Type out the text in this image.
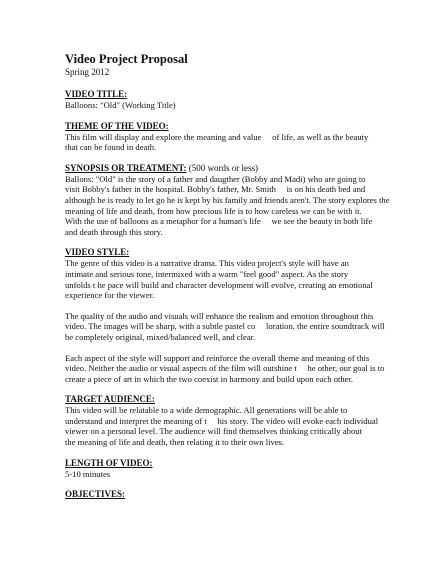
Video Project Proposal
Spring 2012
VIDEO TITLE:
Balloons: "Old" (Working Title)
THEME OF THE VIDEO:
This film will display and explore the meaning and value     of life, as well as the beauty
that can be found in death.
SYNOPSIS OR TREATMENT: (500 words or less)
Ballons: "Old" is the story of a father and daugther (Bobby and Madi) who are going to
visit Bobby's father in the hospital. Bobby's father, Mr. Smith     is on his death bed and
although he is ready to let go he is kept by his family and friends aren't. The story explores the
meaning of life and death, from how precious life is to how careless we can be with it.
With the use of balloons as a metaphor for a human's life     we see the beauty in both life
and death through this story.
VIDEO STYLE:
The genre of this video is a narrative drama. This video project's style will have an
intimate and serious tone, intermixed with a warm "feel good" aspect. As the story
unfolds t he pace will build and character development will evolve, creating an emotional
experience for the viewer.
The quality of the audio and visuals will enhance the realism and emotion throughout this
video. The images will be sharp, with a subtle pastel co     loration. the entire soundtrack will
be completely original, mixed/balanced well, and clear.
Each aspect of the style will support and reinforce the overall theme and meaning of this
video. Neither the audio or visual aspects of the film will outshine t     he other, our goal is to
create a piece of art in which the two coexist in harmony and build upon each other.
TARGET AUDIENCE:
This video will be relatable to a wide demographic. All generations will be able to
understand and interpret the meaning of t     his story. The video will evoke each individual
viewer on a personal level. The audience will find themselves thinking critically about
the meaning of life and death, then relating it to their own lives.
LENGTH OF VIDEO:
5-10 minutes
OBJECTIVES:
